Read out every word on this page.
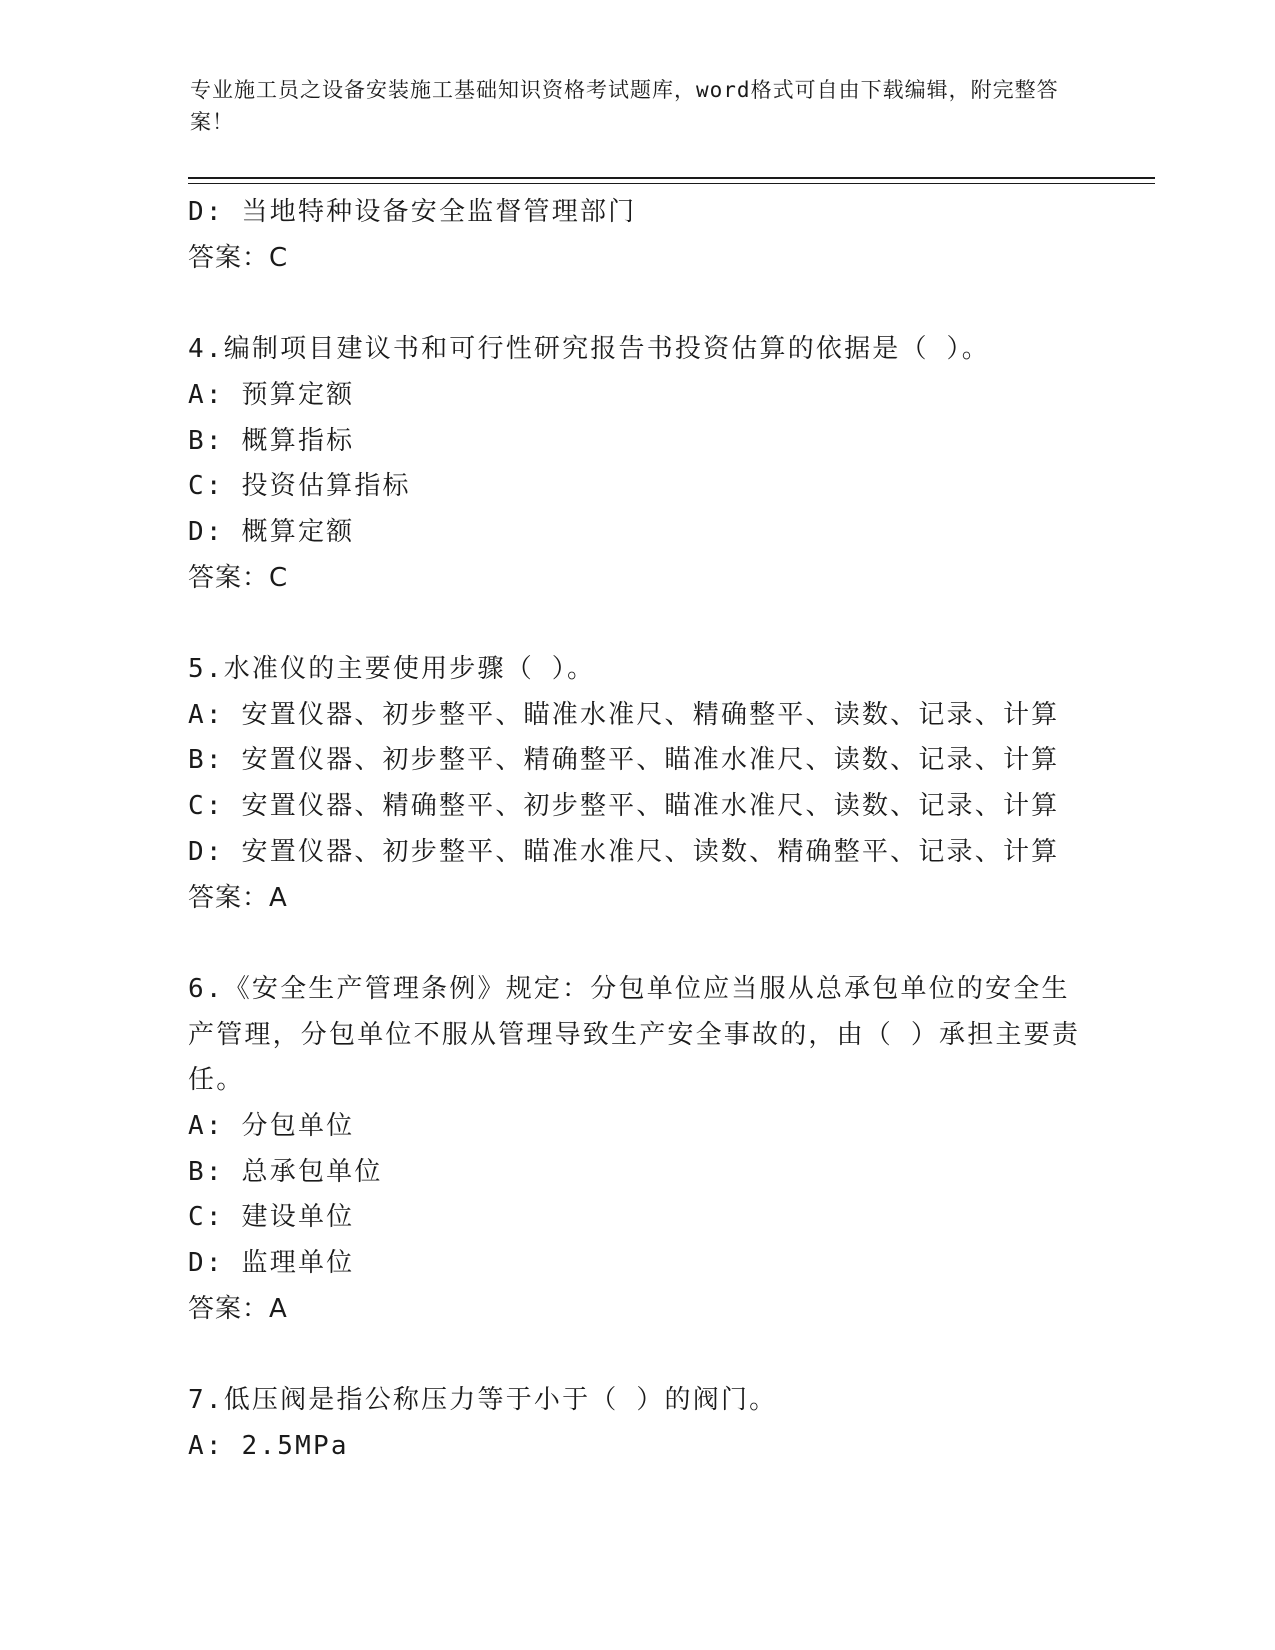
专业施工员之设备安装施工基础知识资格考试题库，word格式可自由下载编辑，附完整答案！
D: 当地特种设备安全监督管理部门
答案：C
4.编制项目建议书和可行性研究报告书投资估算的依据是（ ）。
A: 预算定额
B: 概算指标
C: 投资估算指标
D: 概算定额
答案：C
5.水准仪的主要使用步骤（ ）。
A: 安置仪器、初步整平、瞄准水准尺、精确整平、读数、记录、计算
B: 安置仪器、初步整平、精确整平、瞄准水准尺、读数、记录、计算
C: 安置仪器、精确整平、初步整平、瞄准水准尺、读数、记录、计算
D: 安置仪器、初步整平、瞄准水准尺、读数、精确整平、记录、计算
答案：A
6.《安全生产管理条例》规定：分包单位应当服从总承包单位的安全生产管理，分包单位不服从管理导致生产安全事故的，由（ ）承担主要责任。
A: 分包单位
B: 总承包单位
C: 建设单位
D: 监理单位
答案：A
7.低压阀是指公称压力等于小于（ ）的阀门。
A: 2.5MPa
